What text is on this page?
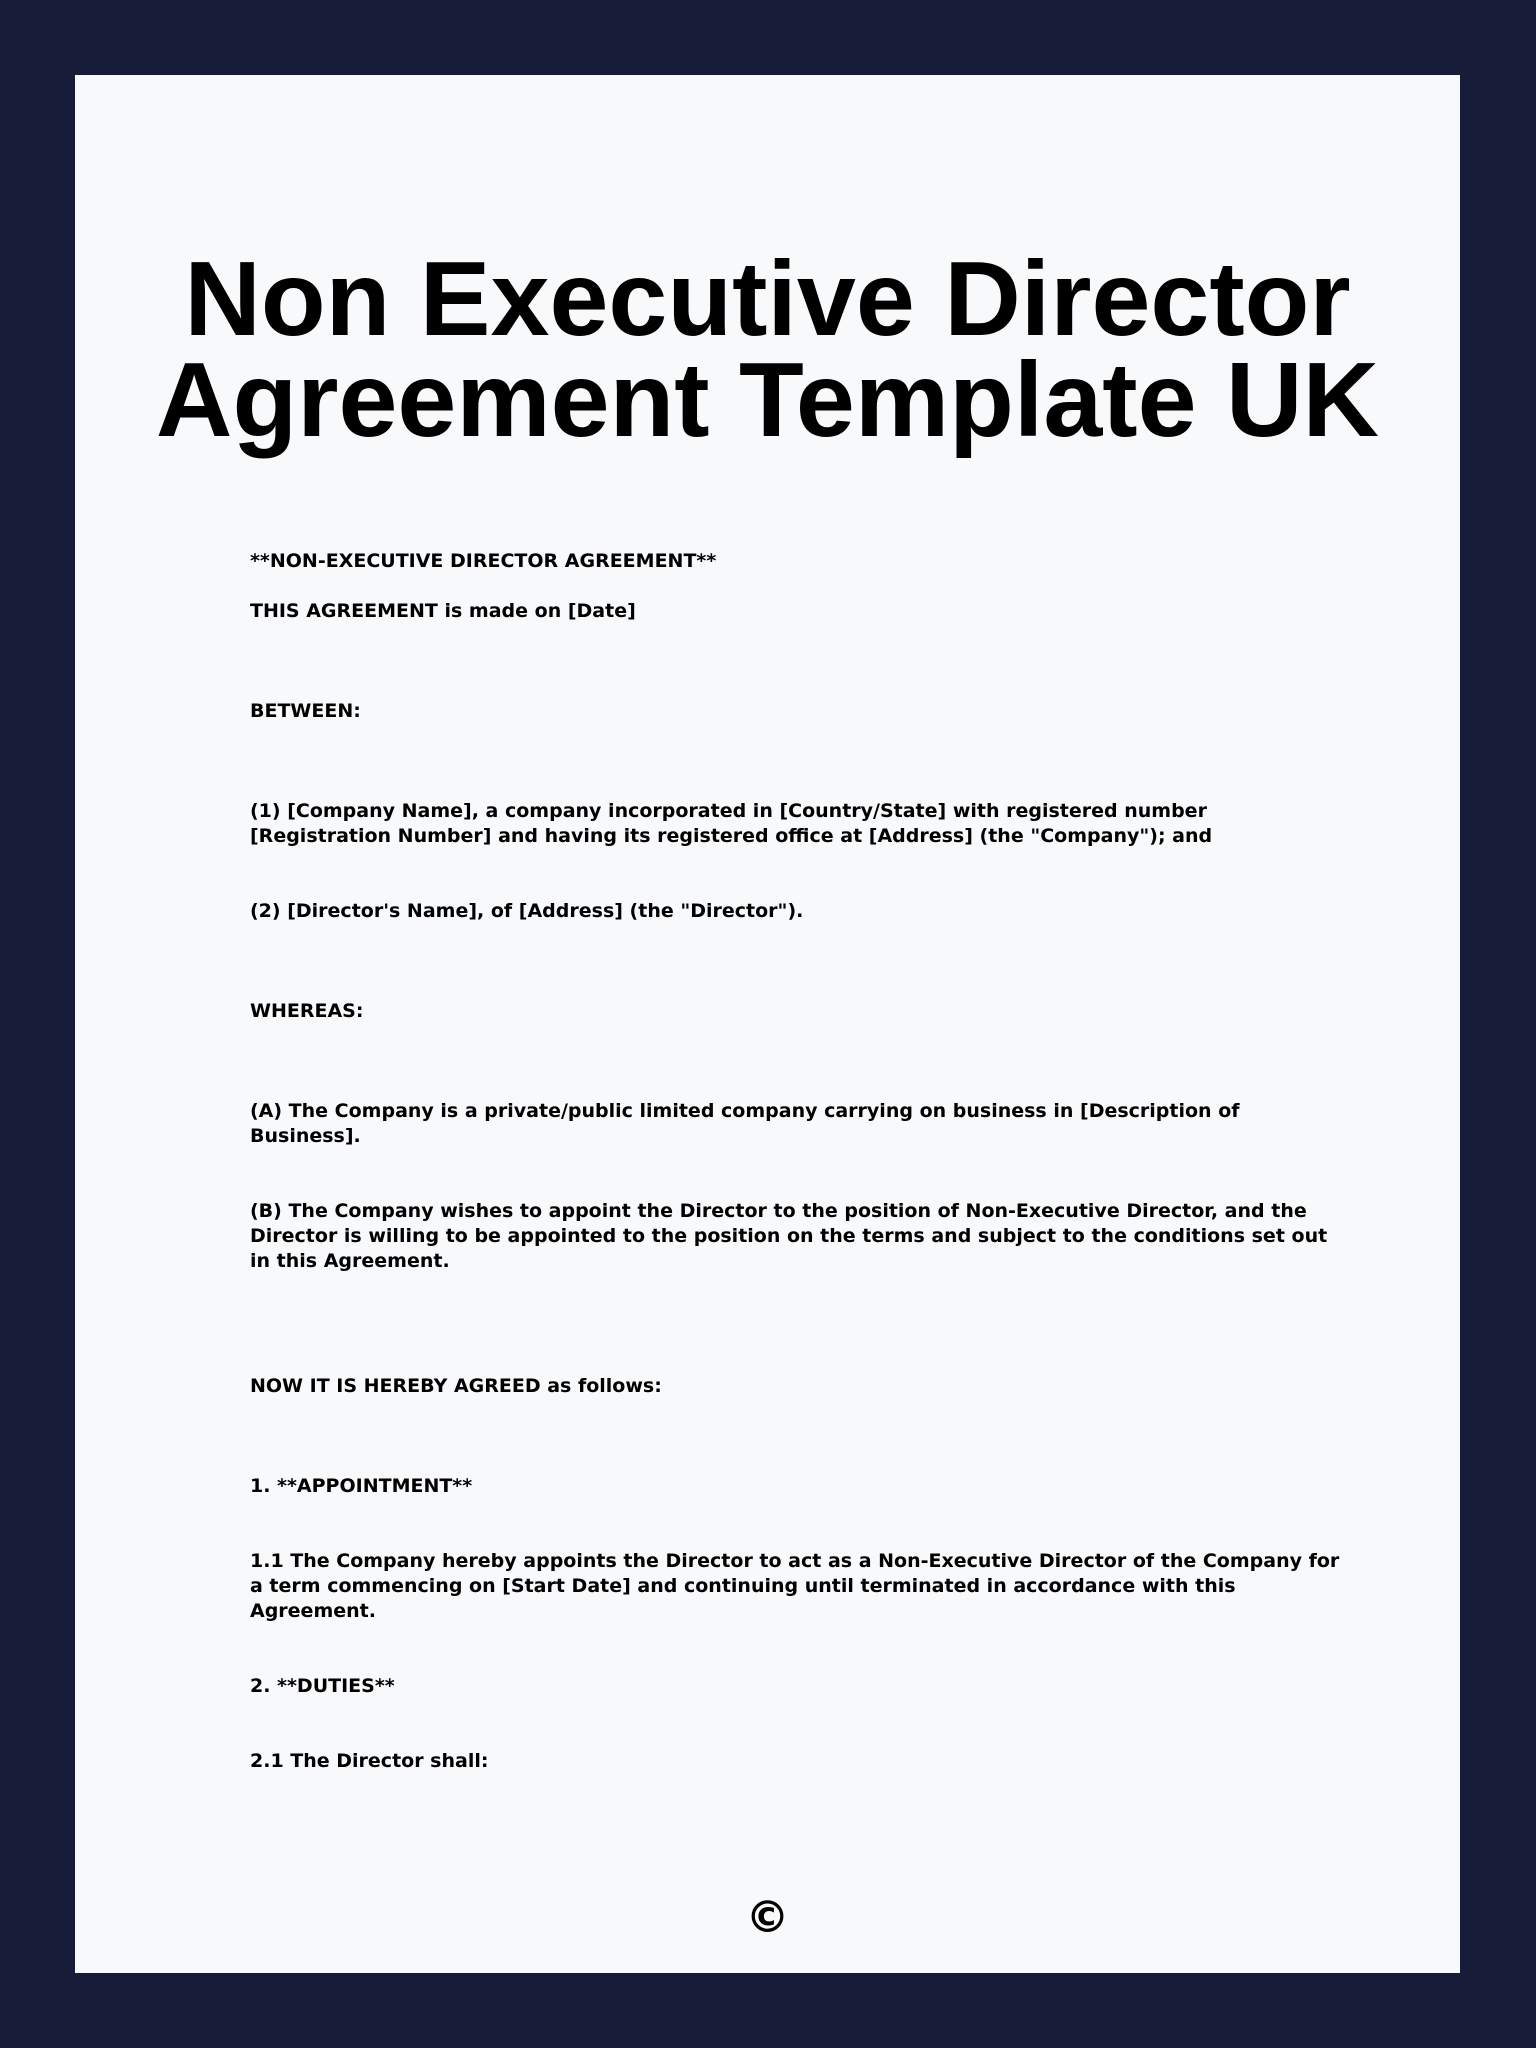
Non Executive Director
Agreement Template UK

**NON-EXECUTIVE DIRECTOR AGREEMENT**

THIS AGREEMENT is made on [Date]

BETWEEN:

(1) [Company Name], a company incorporated in [Country/State] with registered number [Registration Number] and having its registered office at [Address] (the "Company"); and

(2) [Director's Name], of [Address] (the "Director").

WHEREAS:

(A) The Company is a private/public limited company carrying on business in [Description of Business].

(B) The Company wishes to appoint the Director to the position of Non-Executive Director, and the Director is willing to be appointed to the position on the terms and subject to the conditions set out in this Agreement.

NOW IT IS HEREBY AGREED as follows:

1. **APPOINTMENT**

1.1 The Company hereby appoints the Director to act as a Non-Executive Director of the Company for a term commencing on [Start Date] and continuing until terminated in accordance with this Agreement.

2. **DUTIES**

2.1 The Director shall:

©
